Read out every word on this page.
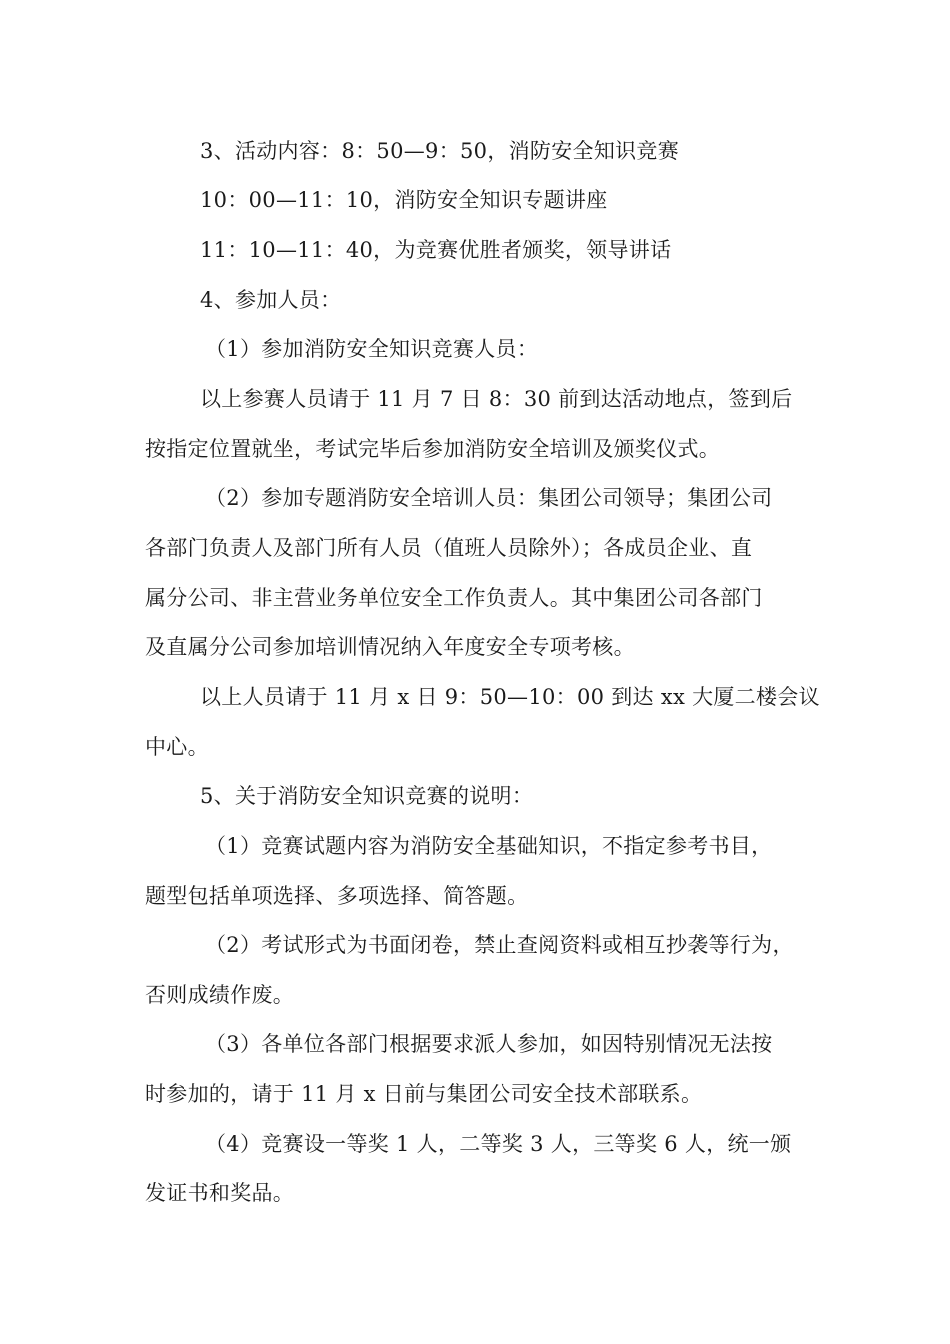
3、活动内容：8：50—9：50，消防安全知识竞赛
10：00—11：10，消防安全知识专题讲座
11：10—11：40，为竞赛优胜者颁奖，领导讲话
4、参加人员：
（1）参加消防安全知识竞赛人员：
以上参赛人员请于 11 月 7 日 8：30 前到达活动地点，签到后
按指定位置就坐，考试完毕后参加消防安全培训及颁奖仪式。
（2）参加专题消防安全培训人员：集团公司领导；集团公司
各部门负责人及部门所有人员（值班人员除外）；各成员企业、直
属分公司、非主营业务单位安全工作负责人。其中集团公司各部门
及直属分公司参加培训情况纳入年度安全专项考核。
以上人员请于 11 月 x 日 9：50—10：00 到达 xx 大厦二楼会议
中心。
5、关于消防安全知识竞赛的说明：
（1）竞赛试题内容为消防安全基础知识，不指定参考书目，
题型包括单项选择、多项选择、简答题。
（2）考试形式为书面闭卷，禁止查阅资料或相互抄袭等行为，
否则成绩作废。
（3）各单位各部门根据要求派人参加，如因特别情况无法按
时参加的，请于 11 月 x 日前与集团公司安全技术部联系。
（4）竞赛设一等奖 1 人，二等奖 3 人，三等奖 6 人，统一颁
发证书和奖品。
